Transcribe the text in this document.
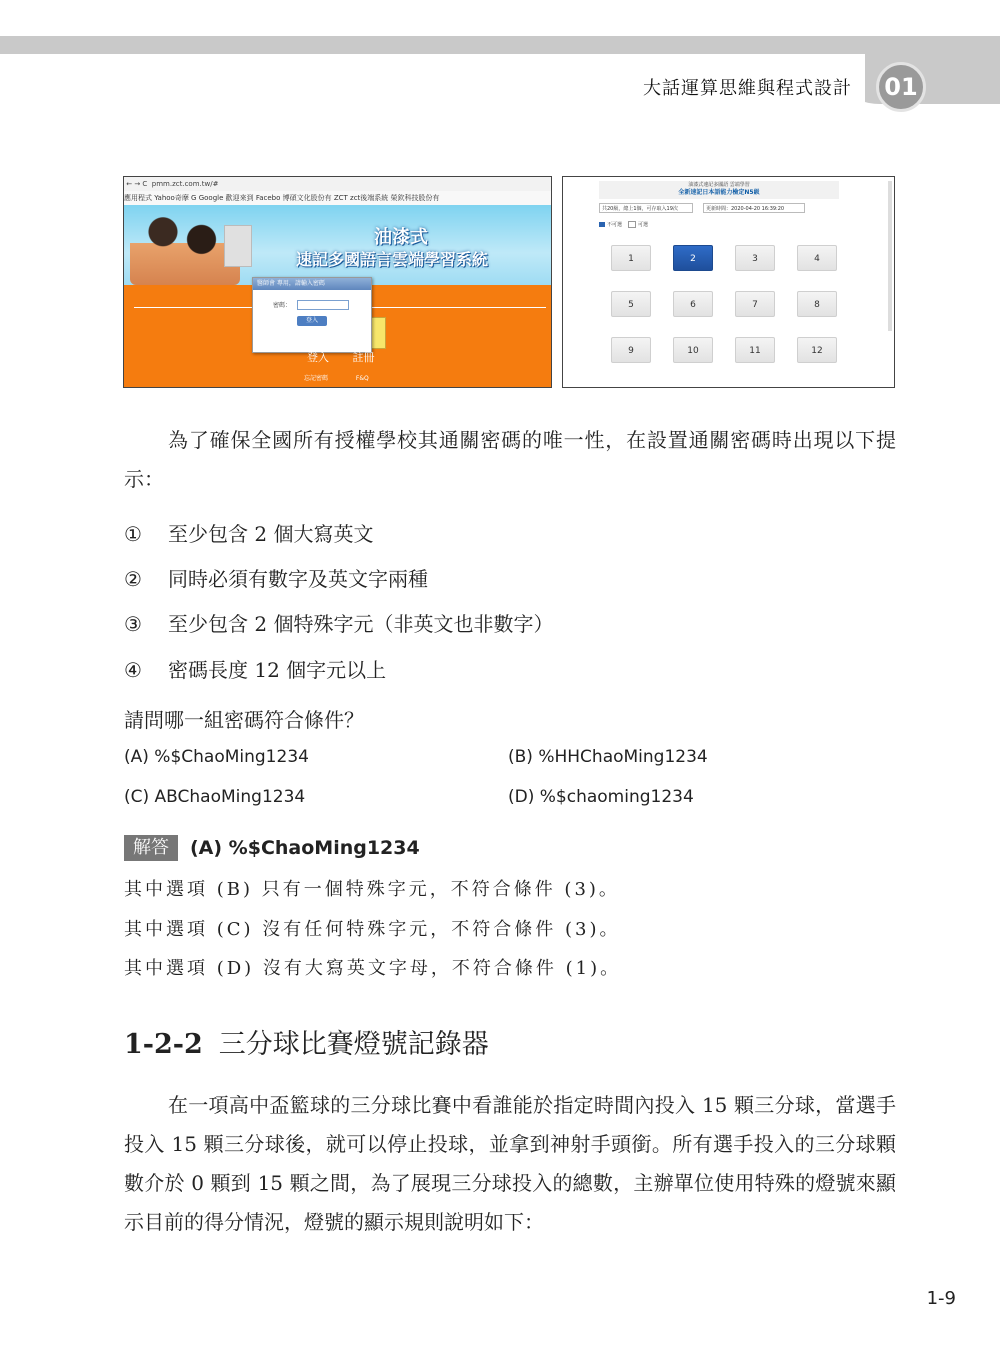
大話運算思維與程式設計	01
← → C  pmm.zct.com.tw/#
應用程式 Yahoo奇摩 G Google 歡迎來到 Facebo 博碩文化股份有 ZCT zct後端系統 榮欽科技股份有
油漆式
速記多國語言雲端學習系統
醫師會 專用，請輸入密碼
密碼：
登入
登入 註冊
忘記密碼 F&Q
油漆式速記多國語 雲端學習
全新速記日本語能力檢定N5級
共20級，總上1個，可存取入19次	更新時間：2020-04-20 16:39:20
不可選	可選
1	2	3	4
5	6	7	8
9	10	11	12
為了確保全國所有授權學校其通關密碼的唯一性，在設置通關密碼時出現以下提示：
① 至少包含 2 個大寫英文
② 同時必須有數字及英文字兩種
③ 至少包含 2 個特殊字元（非英文也非數字）
④ 密碼長度 12 個字元以上
請問哪一組密碼符合條件？
(A) %$ChaoMing1234	(B) %HHChaoMing1234
(C) ABChaoMing1234	(D) %$chaoming1234
解答	(A) %$ChaoMing1234
其中選項 (B) 只有一個特殊字元，不符合條件 (3)。
其中選項 (C) 沒有任何特殊字元，不符合條件 (3)。
其中選項 (D) 沒有大寫英文字母，不符合條件 (1)。
1-2-2 三分球比賽燈號記錄器
在一項高中盃籃球的三分球比賽中看誰能於指定時間內投入 15 顆三分球，當選手投入 15 顆三分球後，就可以停止投球，並拿到神射手頭銜。所有選手投入的三分球顆數介於 0 顆到 15 顆之間，為了展現三分球投入的總數，主辦單位使用特殊的燈號來顯示目前的得分情況，燈號的顯示規則說明如下：
1-9
